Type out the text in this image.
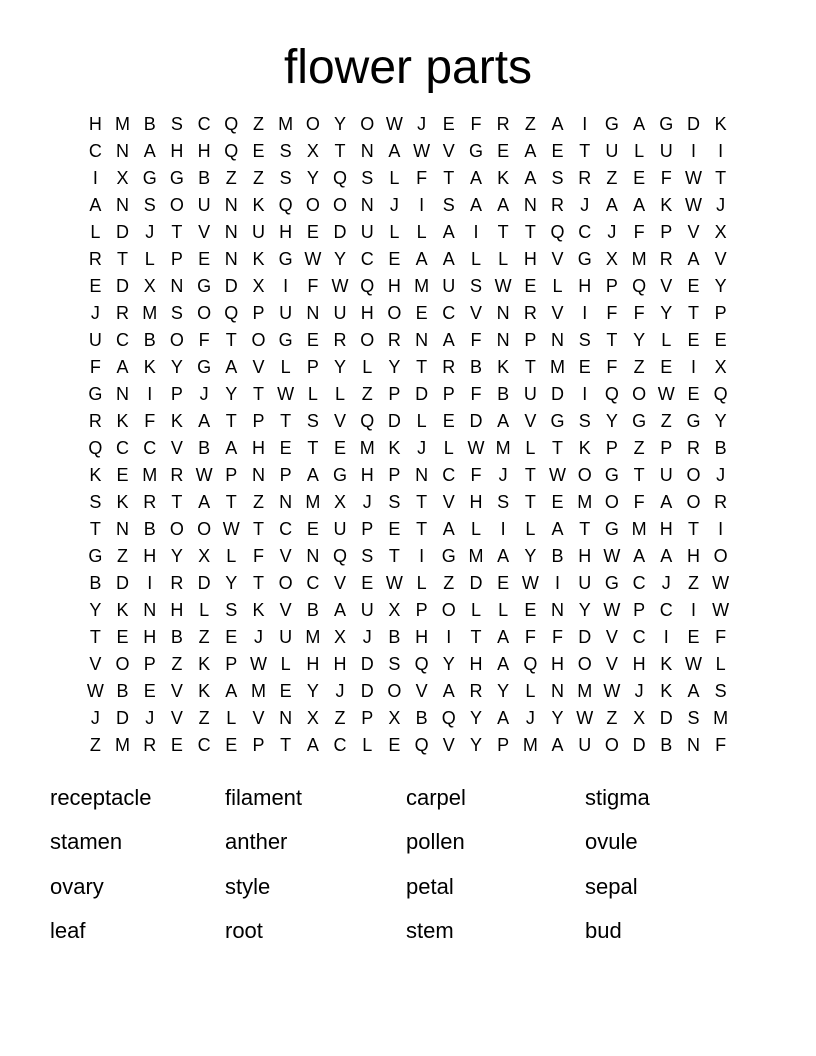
flower parts
H M B S C Q Z M O Y O W J E F R Z A	I G A G D K
C N A H H Q E S X T N A W V G E A E T U L U	I	I
I	X G G B Z Z S Y Q S L F T A K A S R Z E F W T
A N S O U N K Q O O N J	I	S A A N R J A A K W J
L D J T V N U H E D U L L A	I	T T Q C J F P V X
R T L P E N K G W Y C E A A L L H V G X M R A V
E D X N G D X	I	F W Q H M U S W E L H P Q V E Y
J R M S O Q P U N U H O E C V N R V	I	F F Y T P
U C B O F T O G E R O R N A F N P N S T Y L E E
F A K Y G A V L P Y L Y T R B K T M E F Z E	I	X
G N	I	P J Y T W L L Z P D P F B U D	I Q O W E Q
R K F K A T P T S V Q D L E D A V G S Y G Z G Y
Q C C V B A H E T E M K J L W M L T K P Z P R B
K E M R W P N P A G H P N C F J T W O G T U O J
S K R T A T Z N M X J S T V H S T E M O F A O R
T N B O O W T C E U P E T A L	I	L A T G M H T	I
G Z H Y X L F V N Q S T	I G M A Y B H W A A H O
B D	I	R D Y T O C V E W L Z D E W I	U G C J Z W
Y K N H L S K V B A U X P O L L E N Y W P C	I W
T E H B Z E J U M X J B H	I	T A F F D V C	I	E F
V O P Z K P W L H H D S Q Y H A Q H O V H K W L
W B E V K A M E Y J D O V A R Y L N M W J K A S
J D J V Z L V N X Z P X B Q Y A J Y W Z X D S M
Z M R E C E P T A C L E Q V Y P M A U O D B N F
receptacle	filament	carpel	stigma
stamen	anther	pollen	ovule
ovary	style	petal	sepal
leaf	root	stem	bud
